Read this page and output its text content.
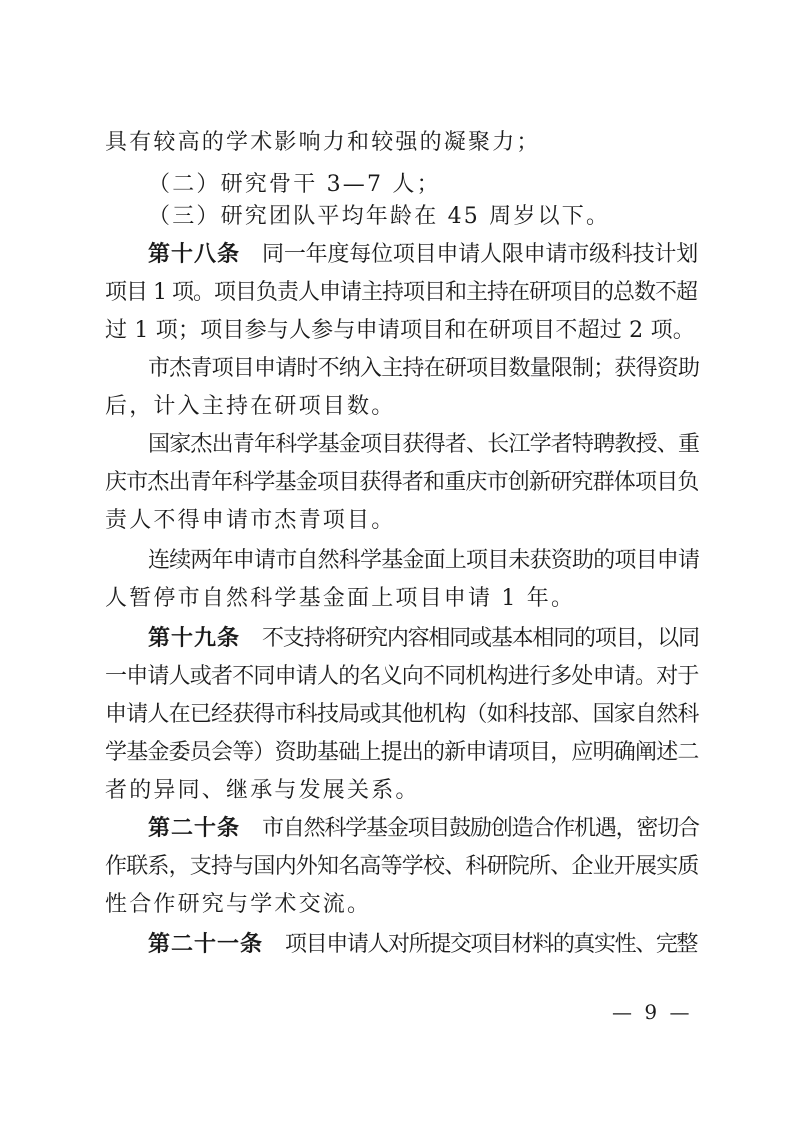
具有较高的学术影响力和较强的凝聚力；
（二）研究骨干 3—7 人；
（三）研究团队平均年龄在 45 周岁以下。
第十八条 同一年度每位项目申请人限申请市级科技计划
项目 1 项。项目负责人申请主持项目和主持在研项目的总数不超
过 1 项；项目参与人参与申请项目和在研项目不超过 2 项。
市杰青项目申请时不纳入主持在研项目数量限制；获得资助
后，计入主持在研项目数。
国家杰出青年科学基金项目获得者、长江学者特聘教授、重
庆市杰出青年科学基金项目获得者和重庆市创新研究群体项目负
责人不得申请市杰青项目。
连续两年申请市自然科学基金面上项目未获资助的项目申请
人暂停市自然科学基金面上项目申请 1 年。
第十九条 不支持将研究内容相同或基本相同的项目，以同
一申请人或者不同申请人的名义向不同机构进行多处申请。对于
申请人在已经获得市科技局或其他机构（如科技部、国家自然科
学基金委员会等）资助基础上提出的新申请项目，应明确阐述二
者的异同、继承与发展关系。
第二十条 市自然科学基金项目鼓励创造合作机遇，密切合
作联系，支持与国内外知名高等学校、科研院所、企业开展实质
性合作研究与学术交流。
第二十一条 项目申请人对所提交项目材料的真实性、完整
— 9 —
